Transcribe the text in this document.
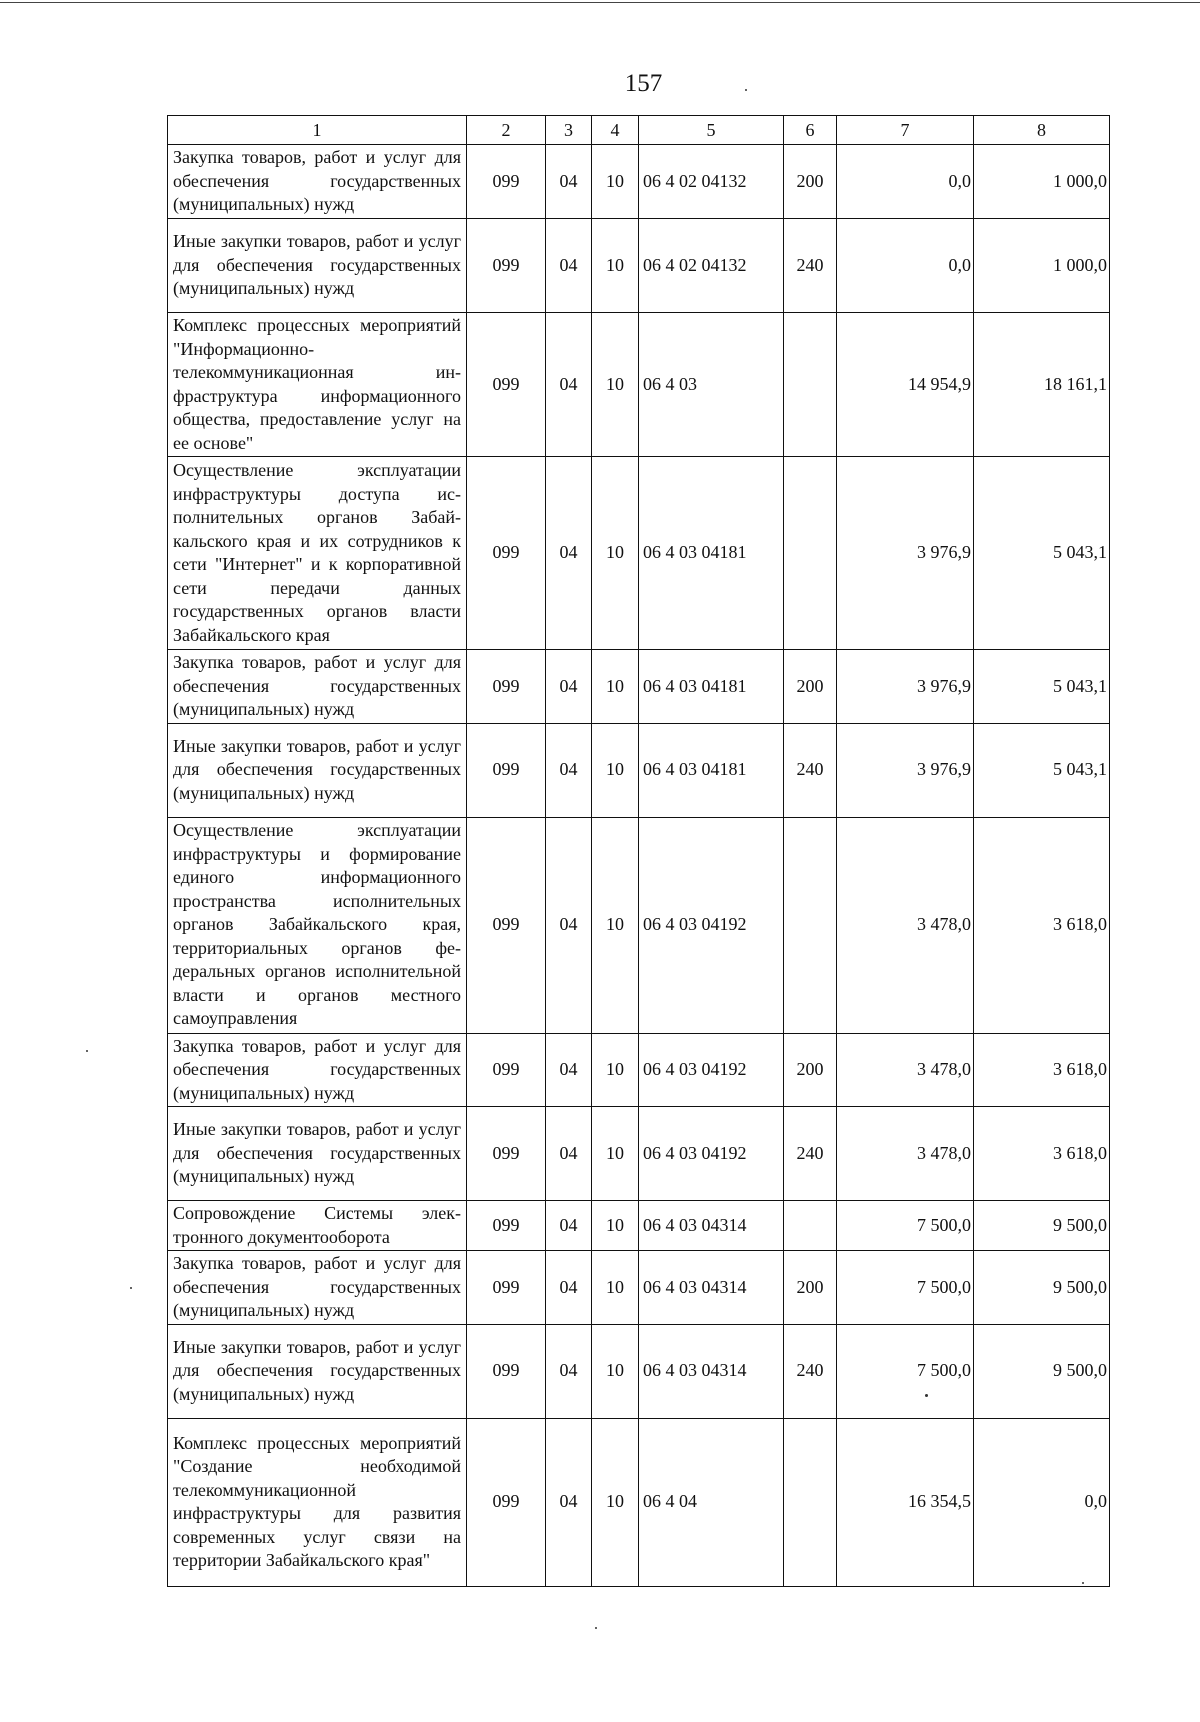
157
1	2	3	4	5	6	7	8
Закупка товаров, работ и услуг для обеспечения государственных (муниципальных) нужд	099	04	10	06 4 02 04132	200	0,0	1 000,0
Иные закупки товаров, работ и услуг для обеспечения государственных (муниципальных) нужд	099	04	10	06 4 02 04132	240	0,0	1 000,0
Комплекс процессных мероприятий "Информационно-телекоммуникационная инфраструктура информационного общества, предоставление услуг на ее основе"	099	04	10	06 4 03		14 954,9	18 161,1
Осуществление эксплуатации инфраструктуры доступа исполнительных органов Забайкальского края и их сотрудников к сети "Интернет" и к корпоративной сети передачи данных государственных органов власти Забайкальского края	099	04	10	06 4 03 04181		3 976,9	5 043,1
Закупка товаров, работ и услуг для обеспечения государственных (муниципальных) нужд	099	04	10	06 4 03 04181	200	3 976,9	5 043,1
Иные закупки товаров, работ и услуг для обеспечения государственных (муниципальных) нужд	099	04	10	06 4 03 04181	240	3 976,9	5 043,1
Осуществление эксплуатации инфраструктуры и формирование единого информационного пространства исполнительных органов Забайкальского края, территориальных органов федеральных органов исполнительной власти и органов местного самоуправления	099	04	10	06 4 03 04192		3 478,0	3 618,0
Закупка товаров, работ и услуг для обеспечения государственных (муниципальных) нужд	099	04	10	06 4 03 04192	200	3 478,0	3 618,0
Иные закупки товаров, работ и услуг для обеспечения государственных (муниципальных) нужд	099	04	10	06 4 03 04192	240	3 478,0	3 618,0
Сопровождение Системы электронного документооборота	099	04	10	06 4 03 04314		7 500,0	9 500,0
Закупка товаров, работ и услуг для обеспечения государственных (муниципальных) нужд	099	04	10	06 4 03 04314	200	7 500,0	9 500,0
Иные закупки товаров, работ и услуг для обеспечения государственных (муниципальных) нужд	099	04	10	06 4 03 04314	240	7 500,0	9 500,0
Комплекс процессных мероприятий "Создание необходимой телекоммуникационной инфраструктуры для развития современных услуг связи на территории Забайкальского края"	099	04	10	06 4 04		16 354,5	0,0
